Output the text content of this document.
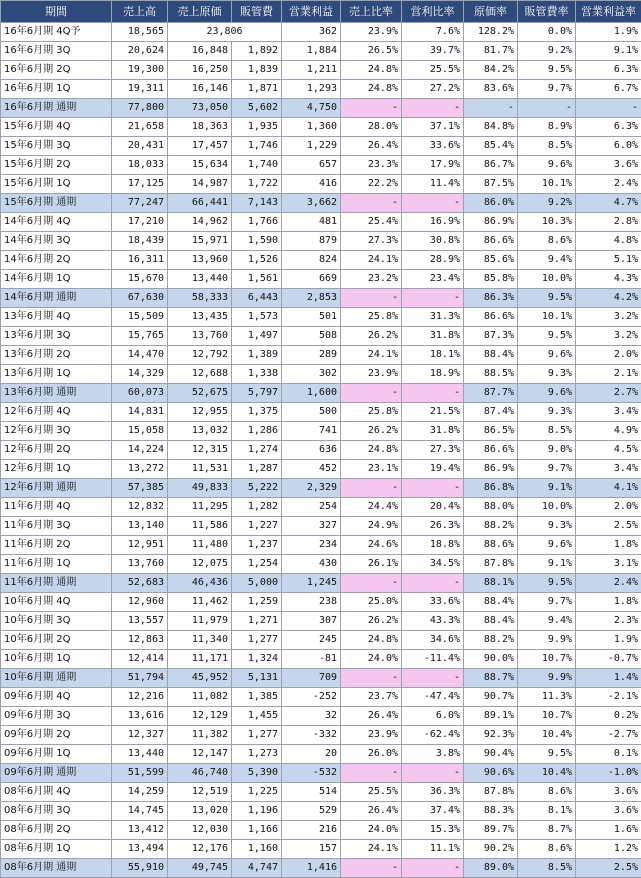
期間	売上高	売上原価	販管費	営業利益	売上比率	営利比率	原価率	販管費率	営業利益率
16年6月期 4Q予	18,565	23,806		362	23.9%	7.6%	128.2%	0.0%	1.9%
16年6月期 3Q	20,624	16,848	1,892	1,884	26.5%	39.7%	81.7%	9.2%	9.1%
16年6月期 2Q	19,300	16,250	1,839	1,211	24.8%	25.5%	84.2%	9.5%	6.3%
16年6月期 1Q	19,311	16,146	1,871	1,293	24.8%	27.2%	83.6%	9.7%	6.7%
16年6月期 通期	77,800	73,050	5,602	4,750	-	-	-	-	-
15年6月期 4Q	21,658	18,363	1,935	1,360	28.0%	37.1%	84.8%	8.9%	6.3%
15年6月期 3Q	20,431	17,457	1,746	1,229	26.4%	33.6%	85.4%	8.5%	6.0%
15年6月期 2Q	18,033	15,634	1,740	657	23.3%	17.9%	86.7%	9.6%	3.6%
15年6月期 1Q	17,125	14,987	1,722	416	22.2%	11.4%	87.5%	10.1%	2.4%
15年6月期 通期	77,247	66,441	7,143	3,662	-	-	86.0%	9.2%	4.7%
14年6月期 4Q	17,210	14,962	1,766	481	25.4%	16.9%	86.9%	10.3%	2.8%
14年6月期 3Q	18,439	15,971	1,590	879	27.3%	30.8%	86.6%	8.6%	4.8%
14年6月期 2Q	16,311	13,960	1,526	824	24.1%	28.9%	85.6%	9.4%	5.1%
14年6月期 1Q	15,670	13,440	1,561	669	23.2%	23.4%	85.8%	10.0%	4.3%
14年6月期 通期	67,630	58,333	6,443	2,853	-	-	86.3%	9.5%	4.2%
13年6月期 4Q	15,509	13,435	1,573	501	25.8%	31.3%	86.6%	10.1%	3.2%
13年6月期 3Q	15,765	13,760	1,497	508	26.2%	31.8%	87.3%	9.5%	3.2%
13年6月期 2Q	14,470	12,792	1,389	289	24.1%	18.1%	88.4%	9.6%	2.0%
13年6月期 1Q	14,329	12,688	1,338	302	23.9%	18.9%	88.5%	9.3%	2.1%
13年6月期 通期	60,073	52,675	5,797	1,600	-	-	87.7%	9.6%	2.7%
12年6月期 4Q	14,831	12,955	1,375	500	25.8%	21.5%	87.4%	9.3%	3.4%
12年6月期 3Q	15,058	13,032	1,286	741	26.2%	31.8%	86.5%	8.5%	4.9%
12年6月期 2Q	14,224	12,315	1,274	636	24.8%	27.3%	86.6%	9.0%	4.5%
12年6月期 1Q	13,272	11,531	1,287	452	23.1%	19.4%	86.9%	9.7%	3.4%
12年6月期 通期	57,385	49,833	5,222	2,329	-	-	86.8%	9.1%	4.1%
11年6月期 4Q	12,832	11,295	1,282	254	24.4%	20.4%	88.0%	10.0%	2.0%
11年6月期 3Q	13,140	11,586	1,227	327	24.9%	26.3%	88.2%	9.3%	2.5%
11年6月期 2Q	12,951	11,480	1,237	234	24.6%	18.8%	88.6%	9.6%	1.8%
11年6月期 1Q	13,760	12,075	1,254	430	26.1%	34.5%	87.8%	9.1%	3.1%
11年6月期 通期	52,683	46,436	5,000	1,245	-	-	88.1%	9.5%	2.4%
10年6月期 4Q	12,960	11,462	1,259	238	25.0%	33.6%	88.4%	9.7%	1.8%
10年6月期 3Q	13,557	11,979	1,271	307	26.2%	43.3%	88.4%	9.4%	2.3%
10年6月期 2Q	12,863	11,340	1,277	245	24.8%	34.6%	88.2%	9.9%	1.9%
10年6月期 1Q	12,414	11,171	1,324	-81	24.0%	-11.4%	90.0%	10.7%	-0.7%
10年6月期 通期	51,794	45,952	5,131	709	-	-	88.7%	9.9%	1.4%
09年6月期 4Q	12,216	11,082	1,385	-252	23.7%	-47.4%	90.7%	11.3%	-2.1%
09年6月期 3Q	13,616	12,129	1,455	32	26.4%	6.0%	89.1%	10.7%	0.2%
09年6月期 2Q	12,327	11,382	1,277	-332	23.9%	-62.4%	92.3%	10.4%	-2.7%
09年6月期 1Q	13,440	12,147	1,273	20	26.0%	3.8%	90.4%	9.5%	0.1%
09年6月期 通期	51,599	46,740	5,390	-532	-	-	90.6%	10.4%	-1.0%
08年6月期 4Q	14,259	12,519	1,225	514	25.5%	36.3%	87.8%	8.6%	3.6%
08年6月期 3Q	14,745	13,020	1,196	529	26.4%	37.4%	88.3%	8.1%	3.6%
08年6月期 2Q	13,412	12,030	1,166	216	24.0%	15.3%	89.7%	8.7%	1.6%
08年6月期 1Q	13,494	12,176	1,160	157	24.1%	11.1%	90.2%	8.6%	1.2%
08年6月期 通期	55,910	49,745	4,747	1,416	-	-	89.0%	8.5%	2.5%
